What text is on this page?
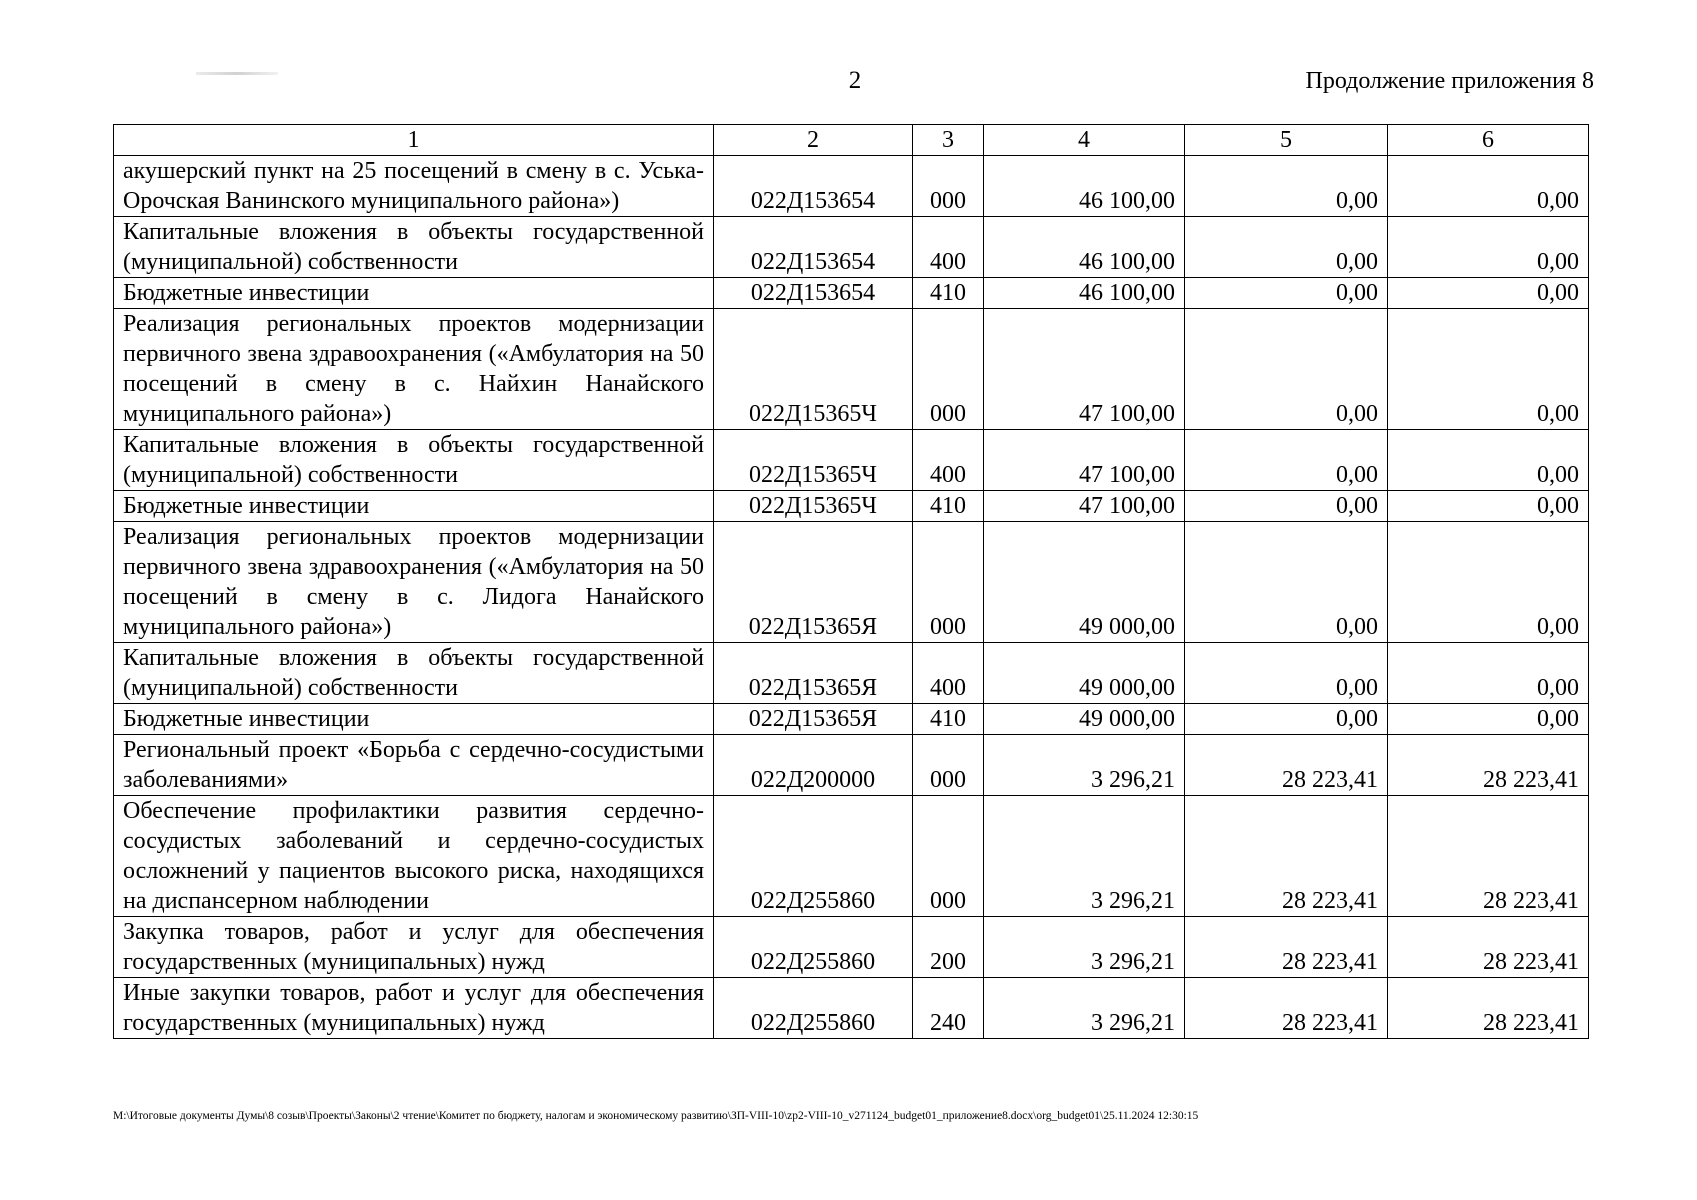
2	Продолжение приложения 8
1	2	3	4	5	6
акушерский пункт на 25 посещений в смену в с. Уська-Орочская Ванинского муниципального района»)	022Д153654	000	46 100,00	0,00	0,00
Капитальные вложения в объекты государственной (муниципальной) собственности	022Д153654	400	46 100,00	0,00	0,00
Бюджетные инвестиции	022Д153654	410	46 100,00	0,00	0,00
Реализация региональных проектов модернизации первичного звена здравоохранения («Амбулатория на 50 посещений в смену в с. Найхин Нанайского муниципального района»)	022Д15365Ч	000	47 100,00	0,00	0,00
Капитальные вложения в объекты государственной (муниципальной) собственности	022Д15365Ч	400	47 100,00	0,00	0,00
Бюджетные инвестиции	022Д15365Ч	410	47 100,00	0,00	0,00
Реализация региональных проектов модернизации первичного звена здравоохранения («Амбулатория на 50 посещений в смену в с. Лидога Нанайского муниципального района»)	022Д15365Я	000	49 000,00	0,00	0,00
Капитальные вложения в объекты государственной (муниципальной) собственности	022Д15365Я	400	49 000,00	0,00	0,00
Бюджетные инвестиции	022Д15365Я	410	49 000,00	0,00	0,00
Региональный проект «Борьба с сердечно-сосудистыми заболеваниями»	022Д200000	000	3 296,21	28 223,41	28 223,41
Обеспечение профилактики развития сердечно-сосудистых заболеваний и сердечно-сосудистых осложнений у пациентов высокого риска, находящихся на диспансерном наблюдении	022Д255860	000	3 296,21	28 223,41	28 223,41
Закупка товаров, работ и услуг для обеспечения государственных (муниципальных) нужд	022Д255860	200	3 296,21	28 223,41	28 223,41
Иные закупки товаров, работ и услуг для обеспечения государственных (муниципальных) нужд	022Д255860	240	3 296,21	28 223,41	28 223,41
M:\Итоговые документы Думы\8 созыв\Проекты\Законы\2 чтение\Комитет по бюджету, налогам и экономическому развитию\ЗП-VIII-10\zp2-VIII-10_v271124_budget01_приложение8.docx\org_budget01\25.11.2024 12:30:15
